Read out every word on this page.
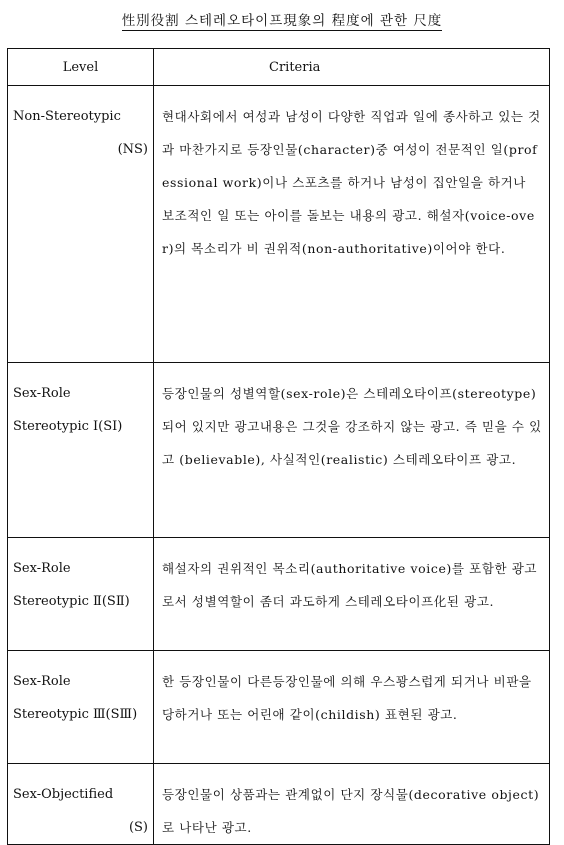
性別役割 스테레오타이프現象의 程度에 관한 尺度
Level	Criteria

Non-Stereotypic
(NS)	현대사회에서 여성과 남성이 다양한 직업과 일에 종사하고 있는 것과 마찬가지로 등장인물(character)중 여성이 전문적인 일(professional work)이나 스포츠를 하거나 남성이 집안일을 하거나 보조적인 일 또는 아이를 돌보는 내용의 광고. 해설자(voice-over)의 목소리가 비 권위적(non-authoritative)이어야 한다.

Sex-Role
Stereotypic Ⅰ(SⅠ)	등장인물의 성별역할(sex-role)은 스테레오타이프(stereotype)되어 있지만 광고내용은 그것을 강조하지 않는 광고. 즉 믿을 수 있고 (believable), 사실적인(realistic) 스테레오타이프 광고.

Sex-Role
Stereotypic Ⅱ(SⅡ)	해설자의 권위적인 목소리(authoritative voice)를 포함한 광고로서 성별역할이 좀더 과도하게 스테레오타이프化된 광고.

Sex-Role
Stereotypic Ⅲ(SⅢ)	한 등장인물이 다른등장인물에 의해 우스꽝스럽게 되거나 비판을 당하거나 또는 어린애 같이(childish) 표현된 광고.

Sex-Objectified
(S)	등장인물이 상품과는 관계없이 단지 장식물(decorative object)로 나타난 광고.
